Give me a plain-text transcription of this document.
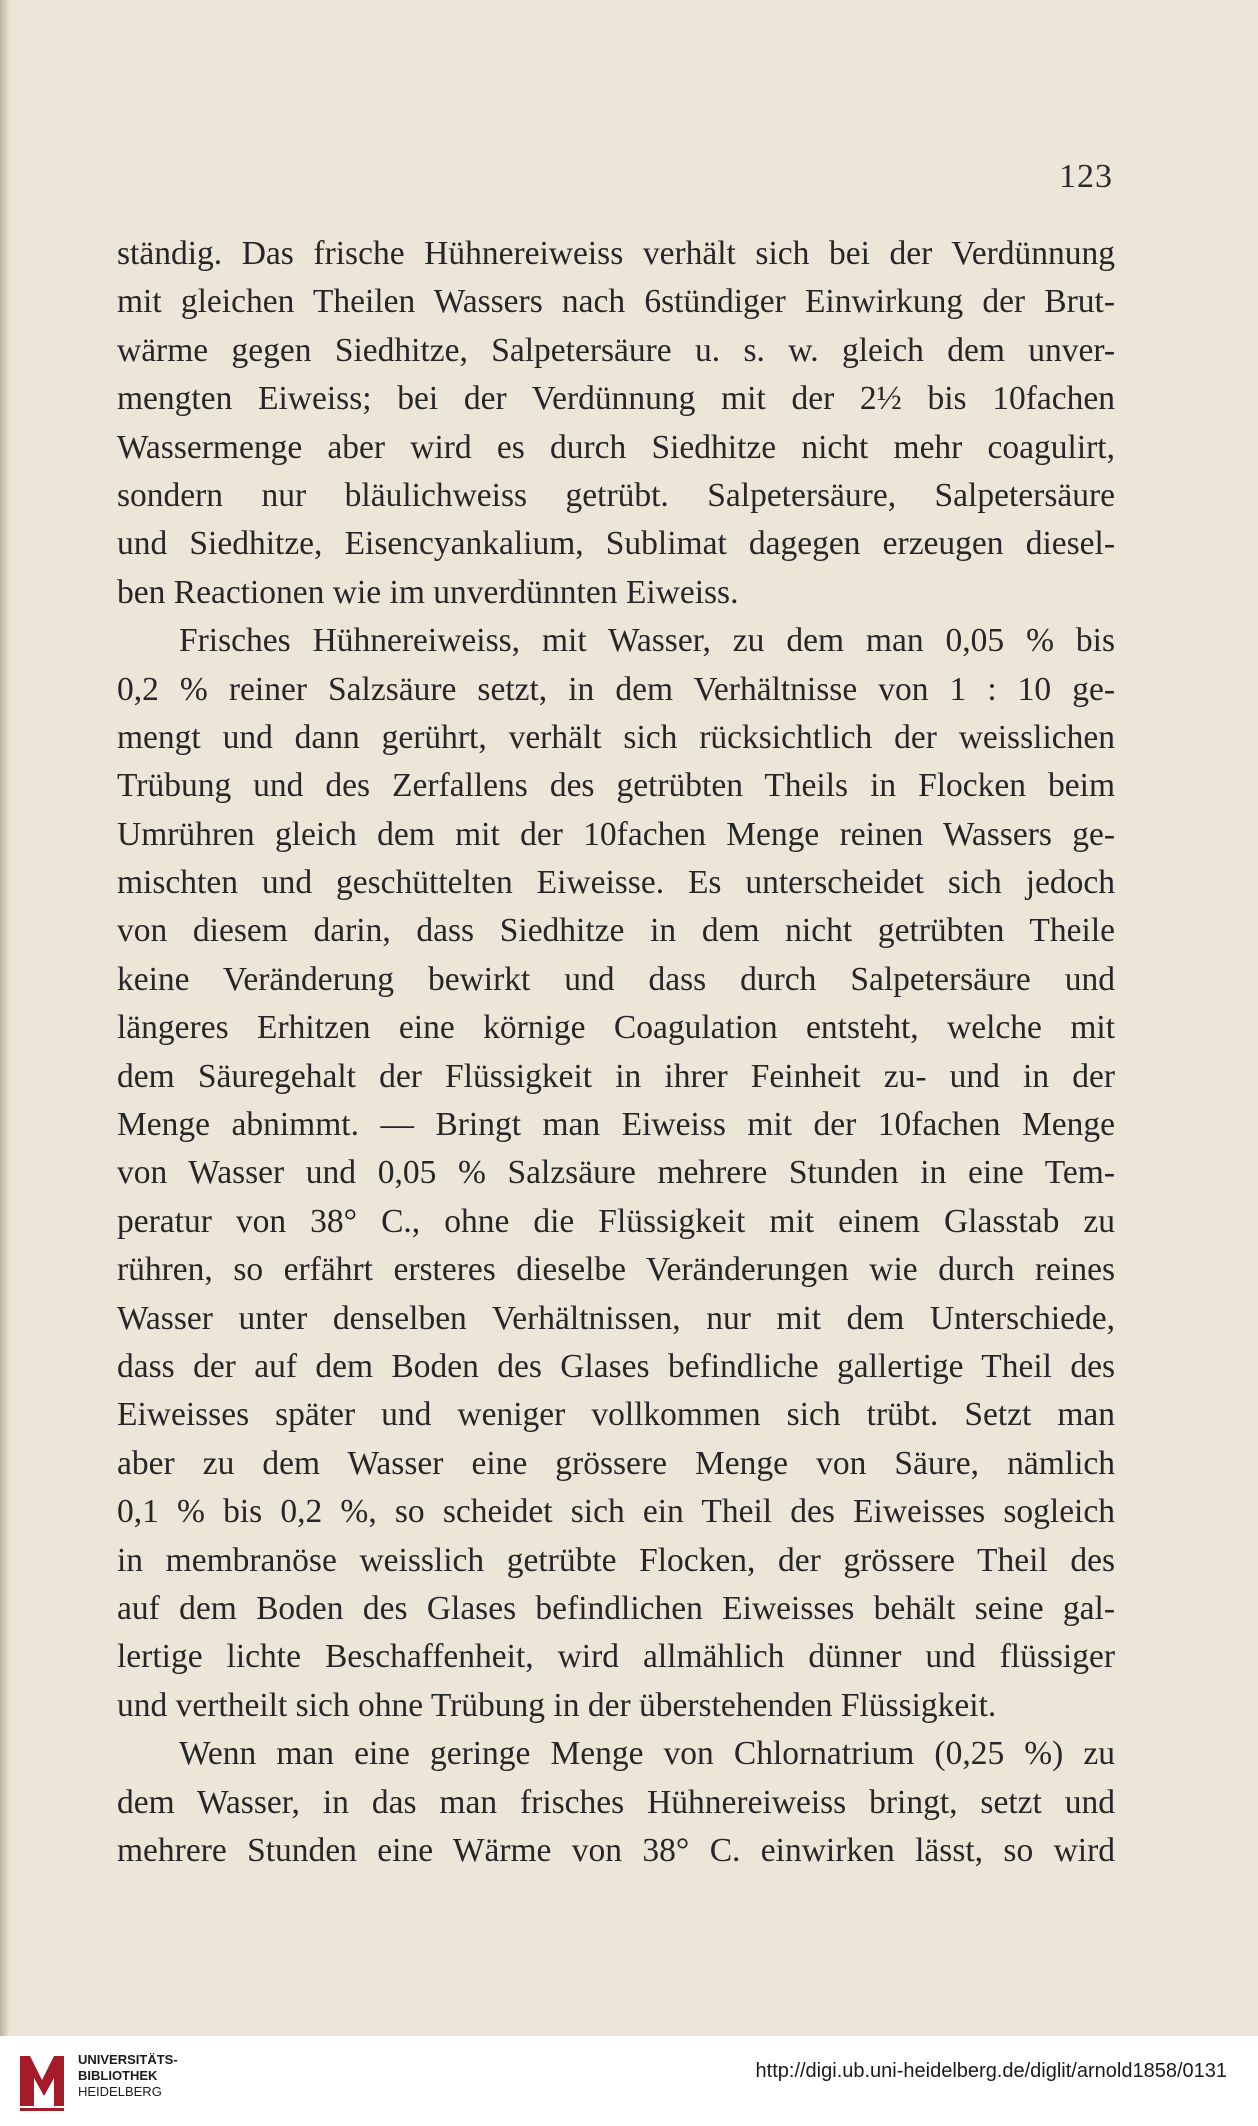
123
ständig. Das frische Hühnereiweiss verhält sich bei der Verdünnung
mit gleichen Theilen Wassers nach 6stündiger Einwirkung der Brut-
wärme gegen Siedhitze, Salpetersäure u. s. w. gleich dem unver-
mengten Eiweiss; bei der Verdünnung mit der 2½ bis 10fachen
Wassermenge aber wird es durch Siedhitze nicht mehr coagulirt,
sondern nur bläulichweiss getrübt. Salpetersäure, Salpetersäure
und Siedhitze, Eisencyankalium, Sublimat dagegen erzeugen diesel-
ben Reactionen wie im unverdünnten Eiweiss.
Frisches Hühnereiweiss, mit Wasser, zu dem man 0,05 % bis
0,2 % reiner Salzsäure setzt, in dem Verhältnisse von 1 : 10 ge-
mengt und dann gerührt, verhält sich rücksichtlich der weisslichen
Trübung und des Zerfallens des getrübten Theils in Flocken beim
Umrühren gleich dem mit der 10fachen Menge reinen Wassers ge-
mischten und geschüttelten Eiweisse. Es unterscheidet sich jedoch
von diesem darin, dass Siedhitze in dem nicht getrübten Theile
keine Veränderung bewirkt und dass durch Salpetersäure und
längeres Erhitzen eine körnige Coagulation entsteht, welche mit
dem Säuregehalt der Flüssigkeit in ihrer Feinheit zu- und in der
Menge abnimmt. — Bringt man Eiweiss mit der 10fachen Menge
von Wasser und 0,05 % Salzsäure mehrere Stunden in eine Tem-
peratur von 38° C., ohne die Flüssigkeit mit einem Glasstab zu
rühren, so erfährt ersteres dieselbe Veränderungen wie durch reines
Wasser unter denselben Verhältnissen, nur mit dem Unterschiede,
dass der auf dem Boden des Glases befindliche gallertige Theil des
Eiweisses später und weniger vollkommen sich trübt. Setzt man
aber zu dem Wasser eine grössere Menge von Säure, nämlich
0,1 % bis 0,2 %, so scheidet sich ein Theil des Eiweisses sogleich
in membranöse weisslich getrübte Flocken, der grössere Theil des
auf dem Boden des Glases befindlichen Eiweisses behält seine gal-
lertige lichte Beschaffenheit, wird allmählich dünner und flüssiger
und vertheilt sich ohne Trübung in der überstehenden Flüssigkeit.
Wenn man eine geringe Menge von Chlornatrium (0,25 %) zu
dem Wasser, in das man frisches Hühnereiweiss bringt, setzt und
mehrere Stunden eine Wärme von 38° C. einwirken lässt, so wird
UNIVERSITÄTS-
BIBLIOTHEK
HEIDELBERG
http://digi.ub.uni-heidelberg.de/diglit/arnold1858/0131
